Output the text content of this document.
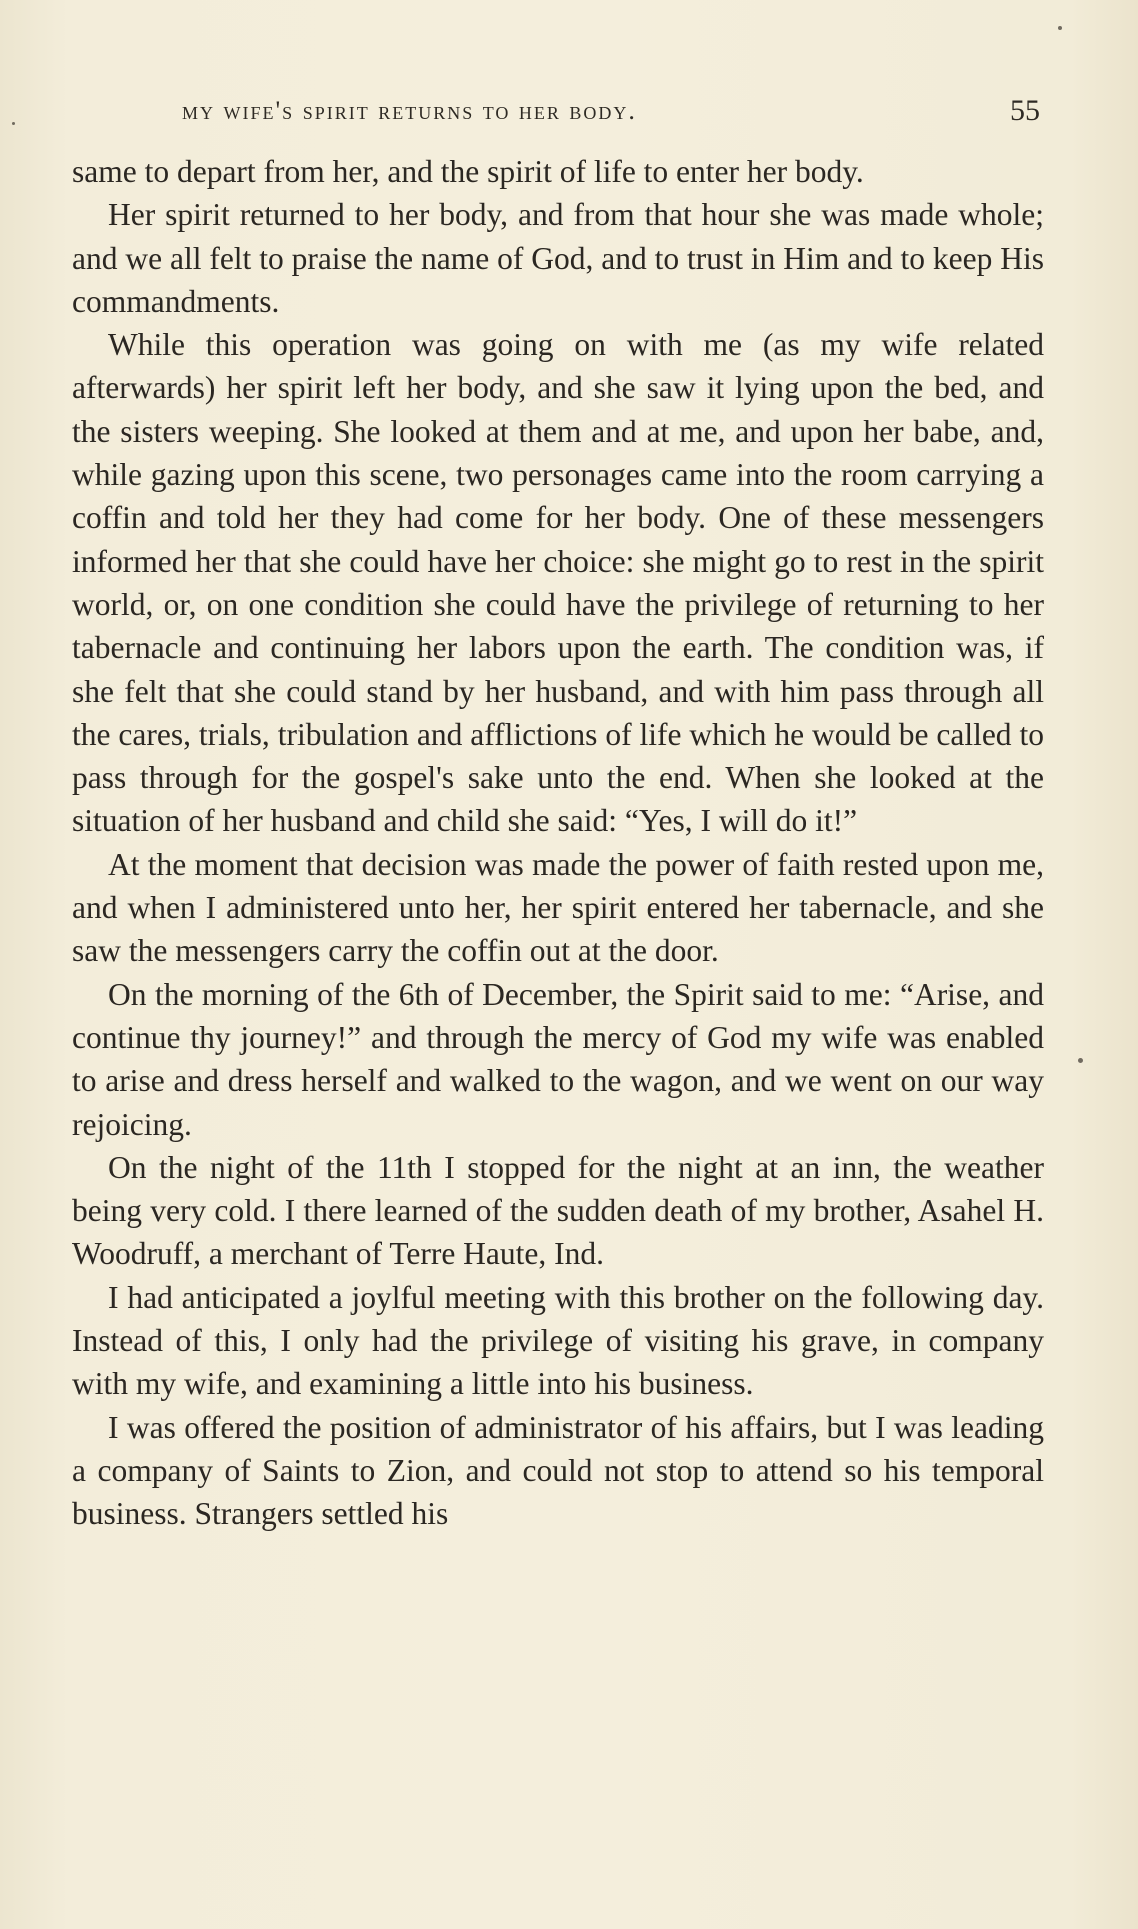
my wife's spirit returns to her body.	55

same to depart from her, and the spirit of life to enter her body.

Her spirit returned to her body, and from that hour she was made whole; and we all felt to praise the name of God, and to trust in Him and to keep His commandments.

While this operation was going on with me (as my wife related afterwards) her spirit left her body, and she saw it lying upon the bed, and the sisters weeping. She looked at them and at me, and upon her babe, and, while gazing upon this scene, two personages came into the room carrying a coffin and told her they had come for her body. One of these messengers informed her that she could have her choice: she might go to rest in the spirit world, or, on one condition she could have the privilege of returning to her tabernacle and continuing her labors upon the earth. The condition was, if she felt that she could stand by her husband, and with him pass through all the cares, trials, tribulation and afflictions of life which he would be called to pass through for the gospel's sake unto the end. When she looked at the situation of her husband and child she said: “Yes, I will do it!”

At the moment that decision was made the power of faith rested upon me, and when I administered unto her, her spirit entered her tabernacle, and she saw the messengers carry the coffin out at the door.

On the morning of the 6th of December, the Spirit said to me: “Arise, and continue thy journey!” and through the mercy of God my wife was enabled to arise and dress herself and walked to the wagon, and we went on our way rejoicing.

On the night of the 11th I stopped for the night at an inn, the weather being very cold. I there learned of the sudden death of my brother, Asahel H. Woodruff, a merchant of Terre Haute, Ind.

I had anticipated a joylful meeting with this brother on the following day. Instead of this, I only had the privilege of visiting his grave, in company with my wife, and examining a little into his business.

I was offered the position of administrator of his affairs, but I was leading a company of Saints to Zion, and could not stop to attend so his temporal business. Strangers settled his
